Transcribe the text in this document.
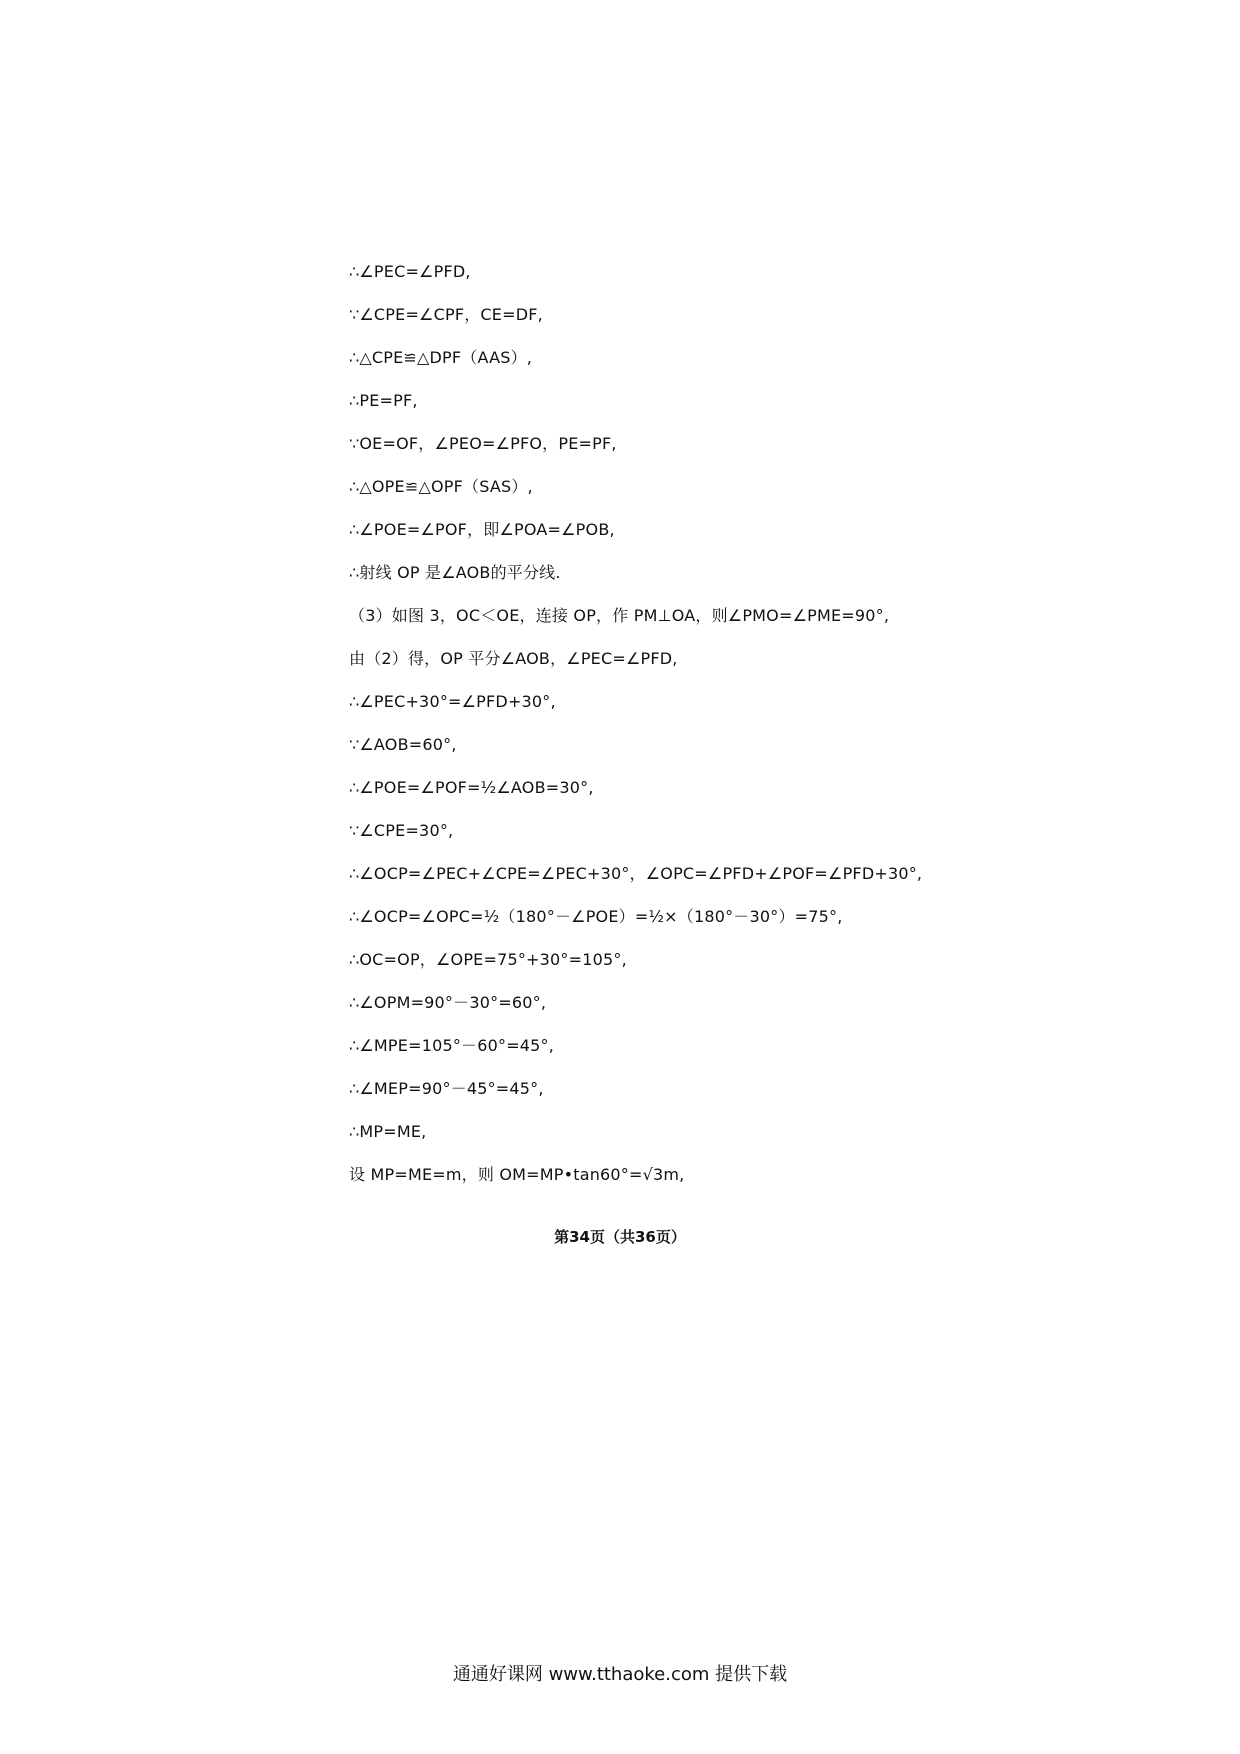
∴∠PEC=∠PFD,
∵∠CPE=∠CPF，CE=DF,
∴△CPE≌△DPF（AAS）,
∴PE=PF,
∵OE=OF，∠PEO=∠PFO，PE=PF,
∴△OPE≌△OPF（SAS）,
∴∠POE=∠POF，即∠POA=∠POB,
∴射线 OP 是∠AOB的平分线.
（3）如图 3，OC＜OE，连接 OP，作 PM⊥OA，则∠PMO=∠PME=90°,
由（2）得，OP 平分∠AOB，∠PEC=∠PFD,
∴∠PEC+30°=∠PFD+30°,
∵∠AOB=60°,
∴∠POE=∠POF=½∠AOB=30°,
∵∠CPE=30°,
∴∠OCP=∠PEC+∠CPE=∠PEC+30°，∠OPC=∠PFD+∠POF=∠PFD+30°,
∴∠OCP=∠OPC=½（180°－∠POE）=½×（180°－30°）=75°,
∴OC=OP，∠OPE=75°+30°=105°,
∴∠OPM=90°－30°=60°,
∴∠MPE=105°－60°=45°,
∴∠MEP=90°－45°=45°,
∴MP=ME,
设 MP=ME=m，则 OM=MP•tan60°=√3m,
第34页（共36页）
通通好课网 www.tthaoke.com 提供下载
